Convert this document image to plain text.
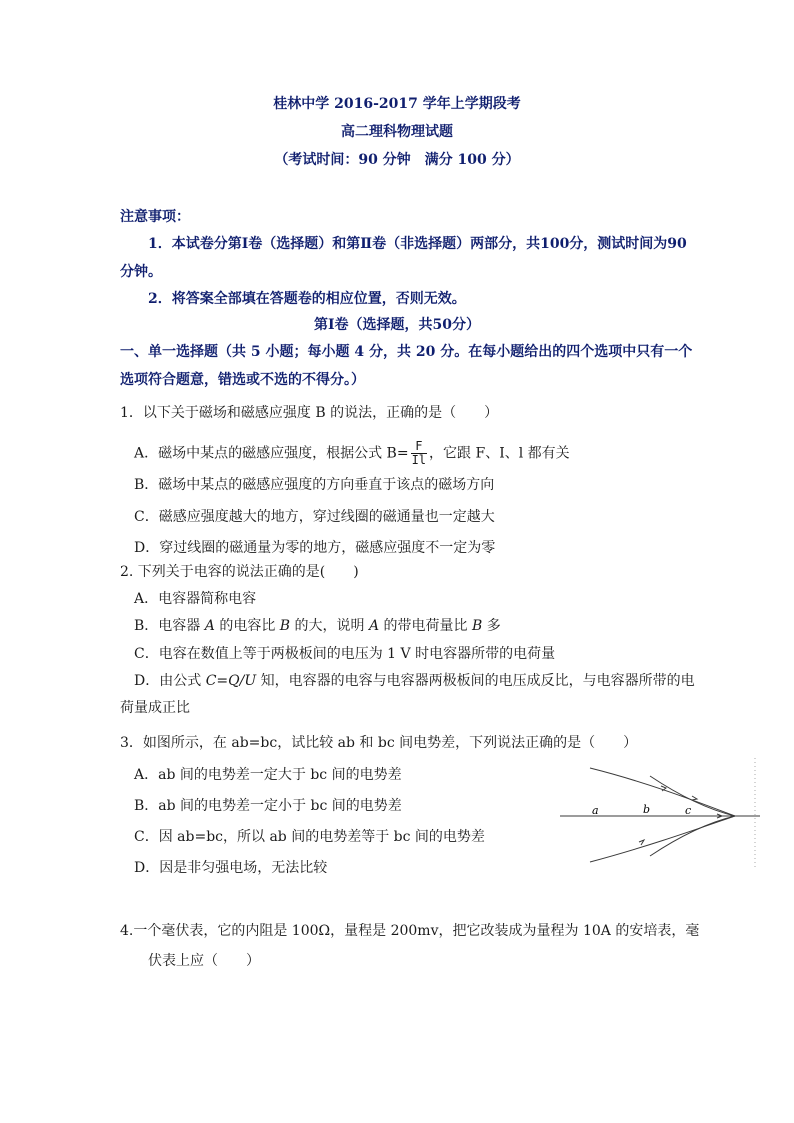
桂林中学 2016-2017 学年上学期段考
高二理科物理试题
（考试时间：90 分钟　满分 100 分）
注意事项：
1．本试卷分第Ⅰ卷（选择题）和第Ⅱ卷（非选择题）两部分，共100分，测试时间为90
分钟。
2．将答案全部填在答题卷的相应位置，否则无效。
第Ⅰ卷（选择题，共50分）
一、单一选择题（共 5 小题；每小题 4 分，共 20 分。在每小题给出的四个选项中只有一个
选项符合题意，错选或不选的不得分。）
1．以下关于磁场和磁感应强度 B 的说法，正确的是（　　）
A．磁场中某点的磁感应强度，根据公式 $B= \frac{F}{Il}$ ，它跟 F、I、l 都有关
B．磁场中某点的磁感应强度的方向垂直于该点的磁场方向
C．磁感应强度越大的地方，穿过线圈的磁通量也一定越大
D．穿过线圈的磁通量为零的地方，磁感应强度不一定为零
2. 下列关于电容的说法正确的是(　　)
A．电容器简称电容
B．电容器 A 的电容比 B 的大，说明 A 的带电荷量比 B 多
C．电容在数值上等于两极板间的电压为 1 V 时电容器所带的电荷量
D．由公式 C=Q/U 知，电容器的电容与电容器两极板间的电压成反比，与电容器所带的电
荷量成正比
3．如图所示，在 ab=bc，试比较 ab 和 bc 间电势差，下列说法正确的是（　　）
A．ab 间的电势差一定大于 bc 间的电势差
B．ab 间的电势差一定小于 bc 间的电势差
C．因 ab=bc，所以 ab 间的电势差等于 bc 间的电势差
D．因是非匀强电场，无法比较
a	b	c
4.一个毫伏表，它的内阻是 100Ω，量程是 200mv，把它改装成为量程为 10A 的安培表，毫
伏表上应（　　）
